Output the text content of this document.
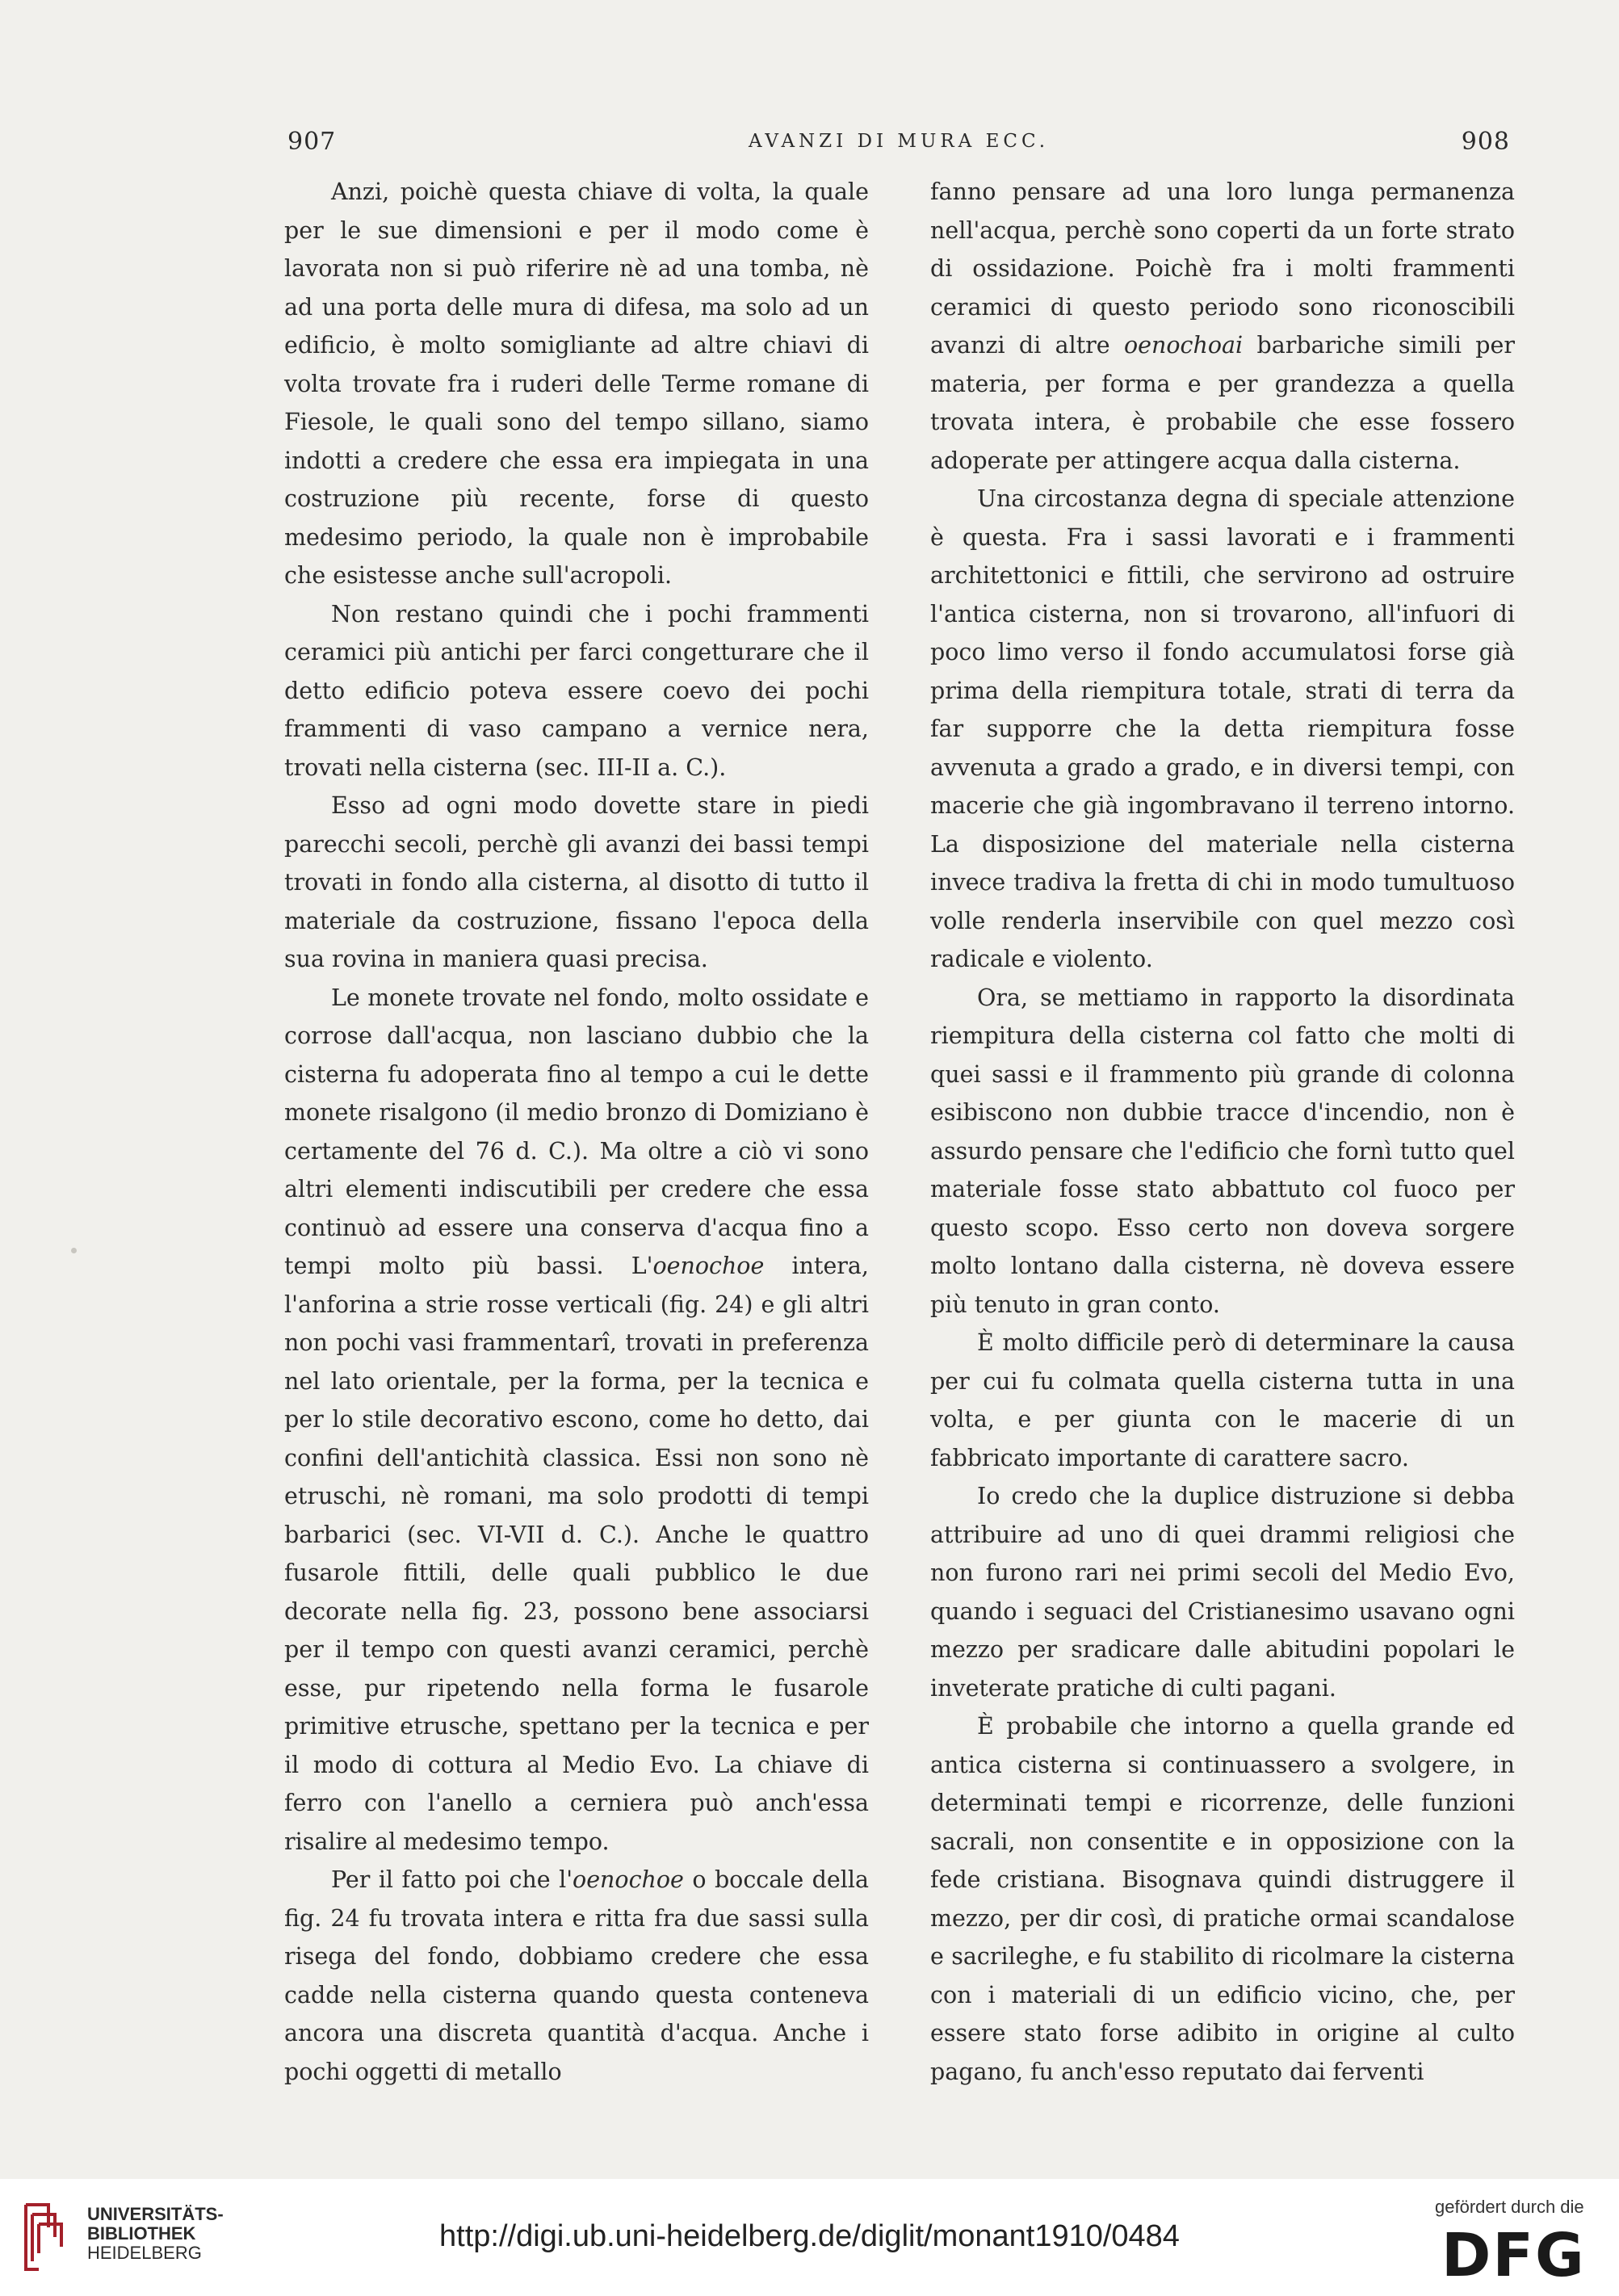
907	AVANZI DI MURA ECC.	908

Anzi, poichè questa chiave di volta, la quale per le sue dimensioni e per il modo come è lavorata non si può riferire nè ad una tomba, nè ad una porta delle mura di difesa, ma solo ad un edificio, è molto somigliante ad altre chiavi di volta trovate fra i ruderi delle Terme romane di Fiesole, le quali sono del tempo sillano, siamo indotti a credere che essa era impiegata in una costruzione più recente, forse di questo medesimo periodo, la quale non è improbabile che esistesse anche sull'acropoli.

Non restano quindi che i pochi frammenti ceramici più antichi per farci congetturare che il detto edificio poteva essere coevo dei pochi frammenti di vaso campano a vernice nera, trovati nella cisterna (sec. III-II a. C.).

Esso ad ogni modo dovette stare in piedi parecchi secoli, perchè gli avanzi dei bassi tempi trovati in fondo alla cisterna, al disotto di tutto il materiale da costruzione, fissano l'epoca della sua rovina in maniera quasi precisa.

Le monete trovate nel fondo, molto ossidate e corrose dall'acqua, non lasciano dubbio che la cisterna fu adoperata fino al tempo a cui le dette monete risalgono (il medio bronzo di Domiziano è certamente del 76 d. C.). Ma oltre a ciò vi sono altri elementi indiscutibili per credere che essa continuò ad essere una conserva d'acqua fino a tempi molto più bassi. L'oenochoe intera, l'anforina a strie rosse verticali (fig. 24) e gli altri non pochi vasi frammentarî, trovati in preferenza nel lato orientale, per la forma, per la tecnica e per lo stile decorativo escono, come ho detto, dai confini dell'antichità classica. Essi non sono nè etruschi, nè romani, ma solo prodotti di tempi barbarici (sec. VI-VII d. C.). Anche le quattro fusarole fittili, delle quali pubblico le due decorate nella fig. 23, possono bene associarsi per il tempo con questi avanzi ceramici, perchè esse, pur ripetendo nella forma le fusarole primitive etrusche, spettano per la tecnica e per il modo di cottura al Medio Evo. La chiave di ferro con l'anello a cerniera può anch'essa risalire al medesimo tempo.

Per il fatto poi che l'oenochoe o boccale della fig. 24 fu trovata intera e ritta fra due sassi sulla risega del fondo, dobbiamo credere che essa cadde nella cisterna quando questa conteneva ancora una discreta quantità d'acqua. Anche i pochi oggetti di metallo

fanno pensare ad una loro lunga permanenza nell'acqua, perchè sono coperti da un forte strato di ossidazione. Poichè fra i molti frammenti ceramici di questo periodo sono riconoscibili avanzi di altre oenochoai barbariche simili per materia, per forma e per grandezza a quella trovata intera, è probabile che esse fossero adoperate per attingere acqua dalla cisterna.

Una circostanza degna di speciale attenzione è questa. Fra i sassi lavorati e i frammenti architettonici e fittili, che servirono ad ostruire l'antica cisterna, non si trovarono, all'infuori di poco limo verso il fondo accumulatosi forse già prima della riempitura totale, strati di terra da far supporre che la detta riempitura fosse avvenuta a grado a grado, e in diversi tempi, con macerie che già ingombravano il terreno intorno. La disposizione del materiale nella cisterna invece tradiva la fretta di chi in modo tumultuoso volle renderla inservibile con quel mezzo così radicale e violento.

Ora, se mettiamo in rapporto la disordinata riempitura della cisterna col fatto che molti di quei sassi e il frammento più grande di colonna esibiscono non dubbie tracce d'incendio, non è assurdo pensare che l'edificio che fornì tutto quel materiale fosse stato abbattuto col fuoco per questo scopo. Esso certo non doveva sorgere molto lontano dalla cisterna, nè doveva essere più tenuto in gran conto.

È molto difficile però di determinare la causa per cui fu colmata quella cisterna tutta in una volta, e per giunta con le macerie di un fabbricato importante di carattere sacro.

Io credo che la duplice distruzione si debba attribuire ad uno di quei drammi religiosi che non furono rari nei primi secoli del Medio Evo, quando i seguaci del Cristianesimo usavano ogni mezzo per sradicare dalle abitudini popolari le inveterate pratiche di culti pagani.

È probabile che intorno a quella grande ed antica cisterna si continuassero a svolgere, in determinati tempi e ricorrenze, delle funzioni sacrali, non consentite e in opposizione con la fede cristiana. Bisognava quindi distruggere il mezzo, per dir così, di pratiche ormai scandalose e sacrileghe, e fu stabilito di ricolmare la cisterna con i materiali di un edificio vicino, che, per essere stato forse adibito in origine al culto pagano, fu anch'esso reputato dai ferventi

UNIVERSITÄTS-
BIBLIOTHEK
HEIDELBERG	http://digi.ub.uni-heidelberg.de/diglit/monant1910/0484
gefördert durch die
DFG
